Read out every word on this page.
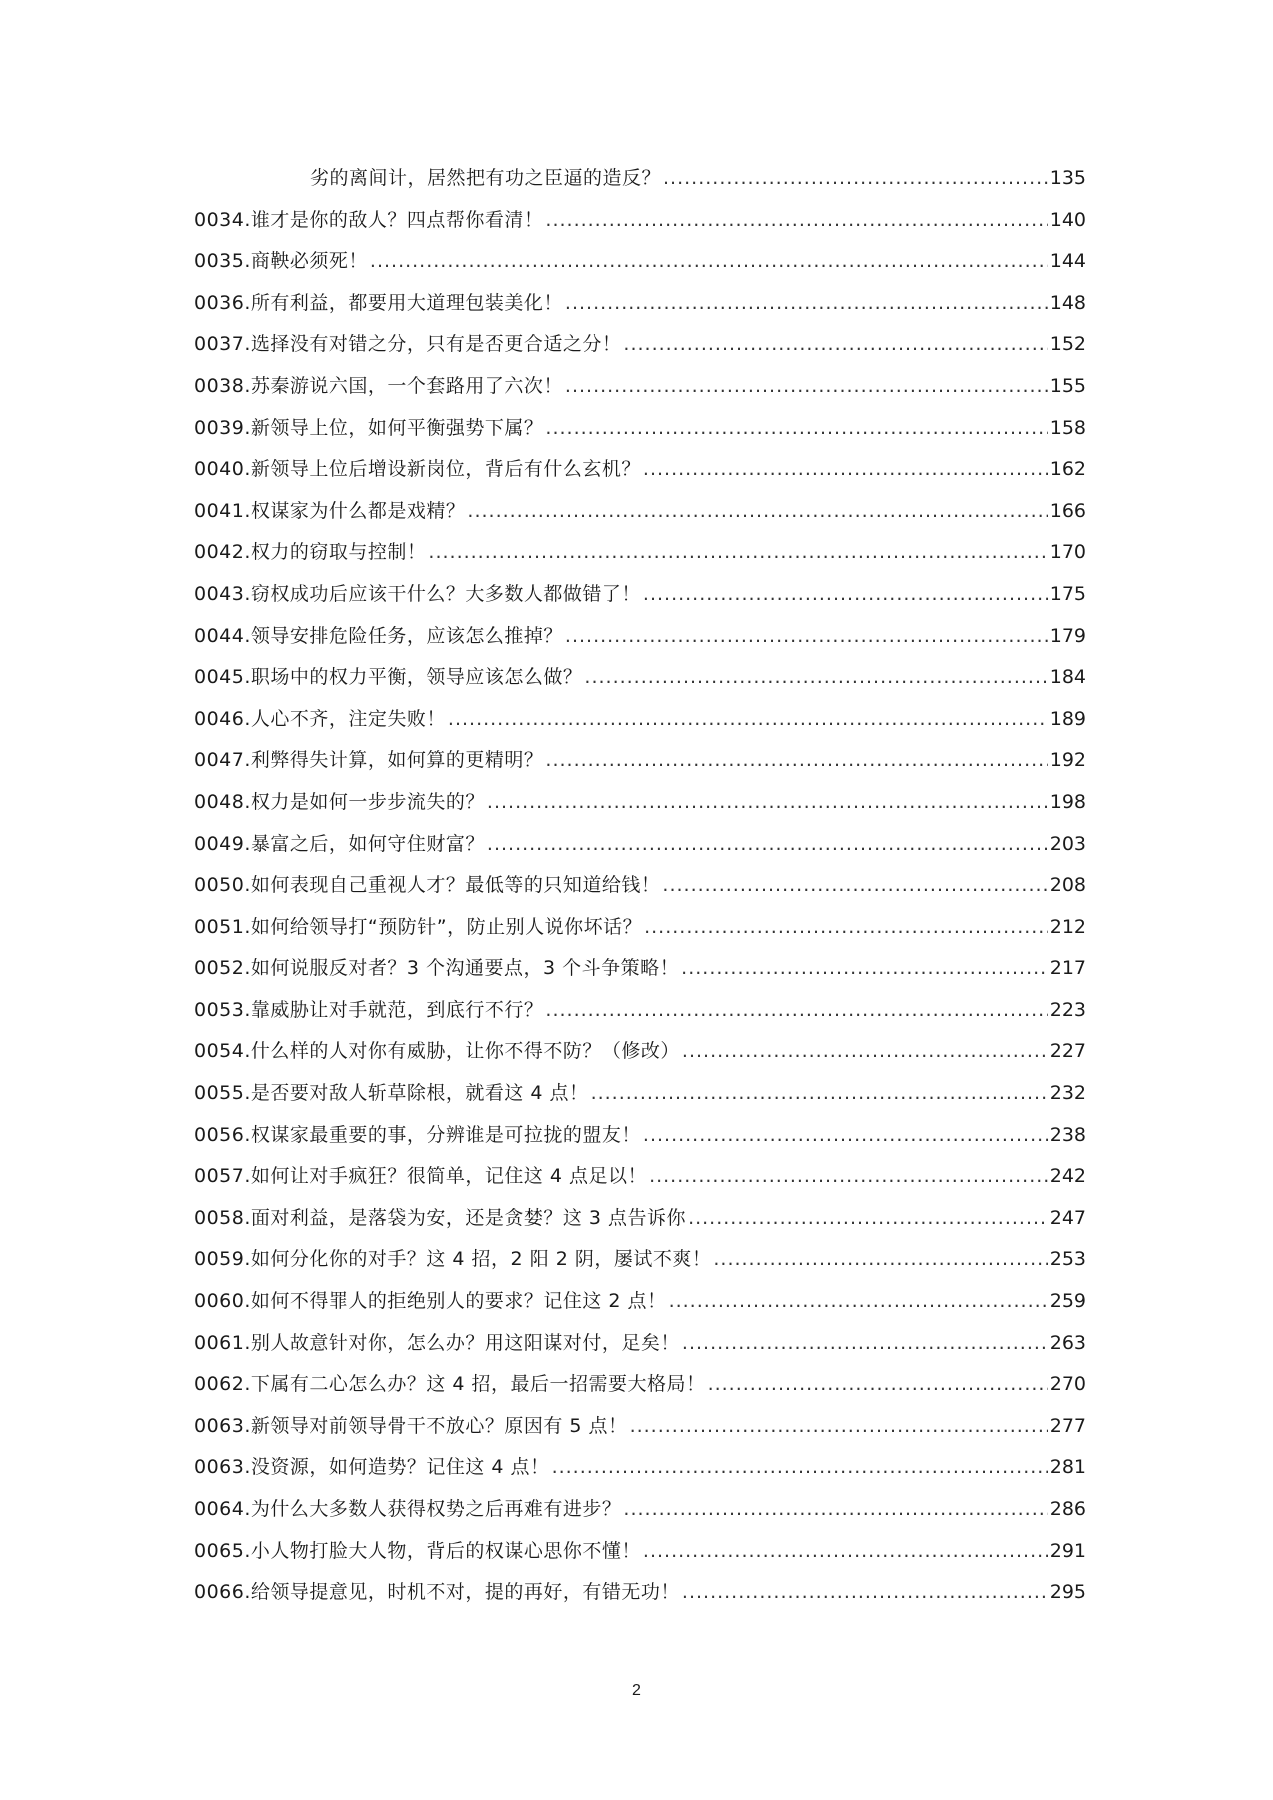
劣的离间计，居然把有功之臣逼的造反？ .....	135
0034.谁才是你的敌人？四点帮你看清！ .....	140
0035.商鞅必须死！ .....	144
0036.所有利益，都要用大道理包装美化！ .....	148
0037.选择没有对错之分，只有是否更合适之分！ .....	152
0038.苏秦游说六国，一个套路用了六次！ .....	155
0039.新领导上位，如何平衡强势下属？ .....	158
0040.新领导上位后增设新岗位，背后有什么玄机？ .....	162
0041.权谋家为什么都是戏精？ .....	166
0042.权力的窃取与控制！ .....	170
0043.窃权成功后应该干什么？大多数人都做错了！ .....	175
0044.领导安排危险任务，应该怎么推掉？ .....	179
0045.职场中的权力平衡，领导应该怎么做？ .....	184
0046.人心不齐，注定失败！ .....	189
0047.利弊得失计算，如何算的更精明？ .....	192
0048.权力是如何一步步流失的？ .....	198
0049.暴富之后，如何守住财富？ .....	203
0050.如何表现自己重视人才？最低等的只知道给钱！ .....	208
0051.如何给领导打“预防针”，防止别人说你坏话？ .....	212
0052.如何说服反对者？3 个沟通要点，3 个斗争策略！ .....	217
0053.靠威胁让对手就范，到底行不行？ .....	223
0054.什么样的人对你有威胁，让你不得不防？（修改） .....	227
0055.是否要对敌人斩草除根，就看这 4 点！ .....	232
0056.权谋家最重要的事，分辨谁是可拉拢的盟友！ .....	238
0057.如何让对手疯狂？很简单，记住这 4 点足以！ .....	242
0058.面对利益，是落袋为安，还是贪婪？这 3 点告诉你 .....	247
0059.如何分化你的对手？这 4 招，2 阳 2 阴，屡试不爽！ .....	253
0060.如何不得罪人的拒绝别人的要求？记住这 2 点！ .....	259
0061.别人故意针对你，怎么办？用这阳谋对付，足矣！ .....	263
0062.下属有二心怎么办？这 4 招，最后一招需要大格局！ .....	270
0063.新领导对前领导骨干不放心？原因有 5 点！ .....	277
0063.没资源，如何造势？记住这 4 点！ .....	281
0064.为什么大多数人获得权势之后再难有进步？ .....	286
0065.小人物打脸大人物，背后的权谋心思你不懂！ .....	291
0066.给领导提意见，时机不对，提的再好，有错无功！ .....	295
2
